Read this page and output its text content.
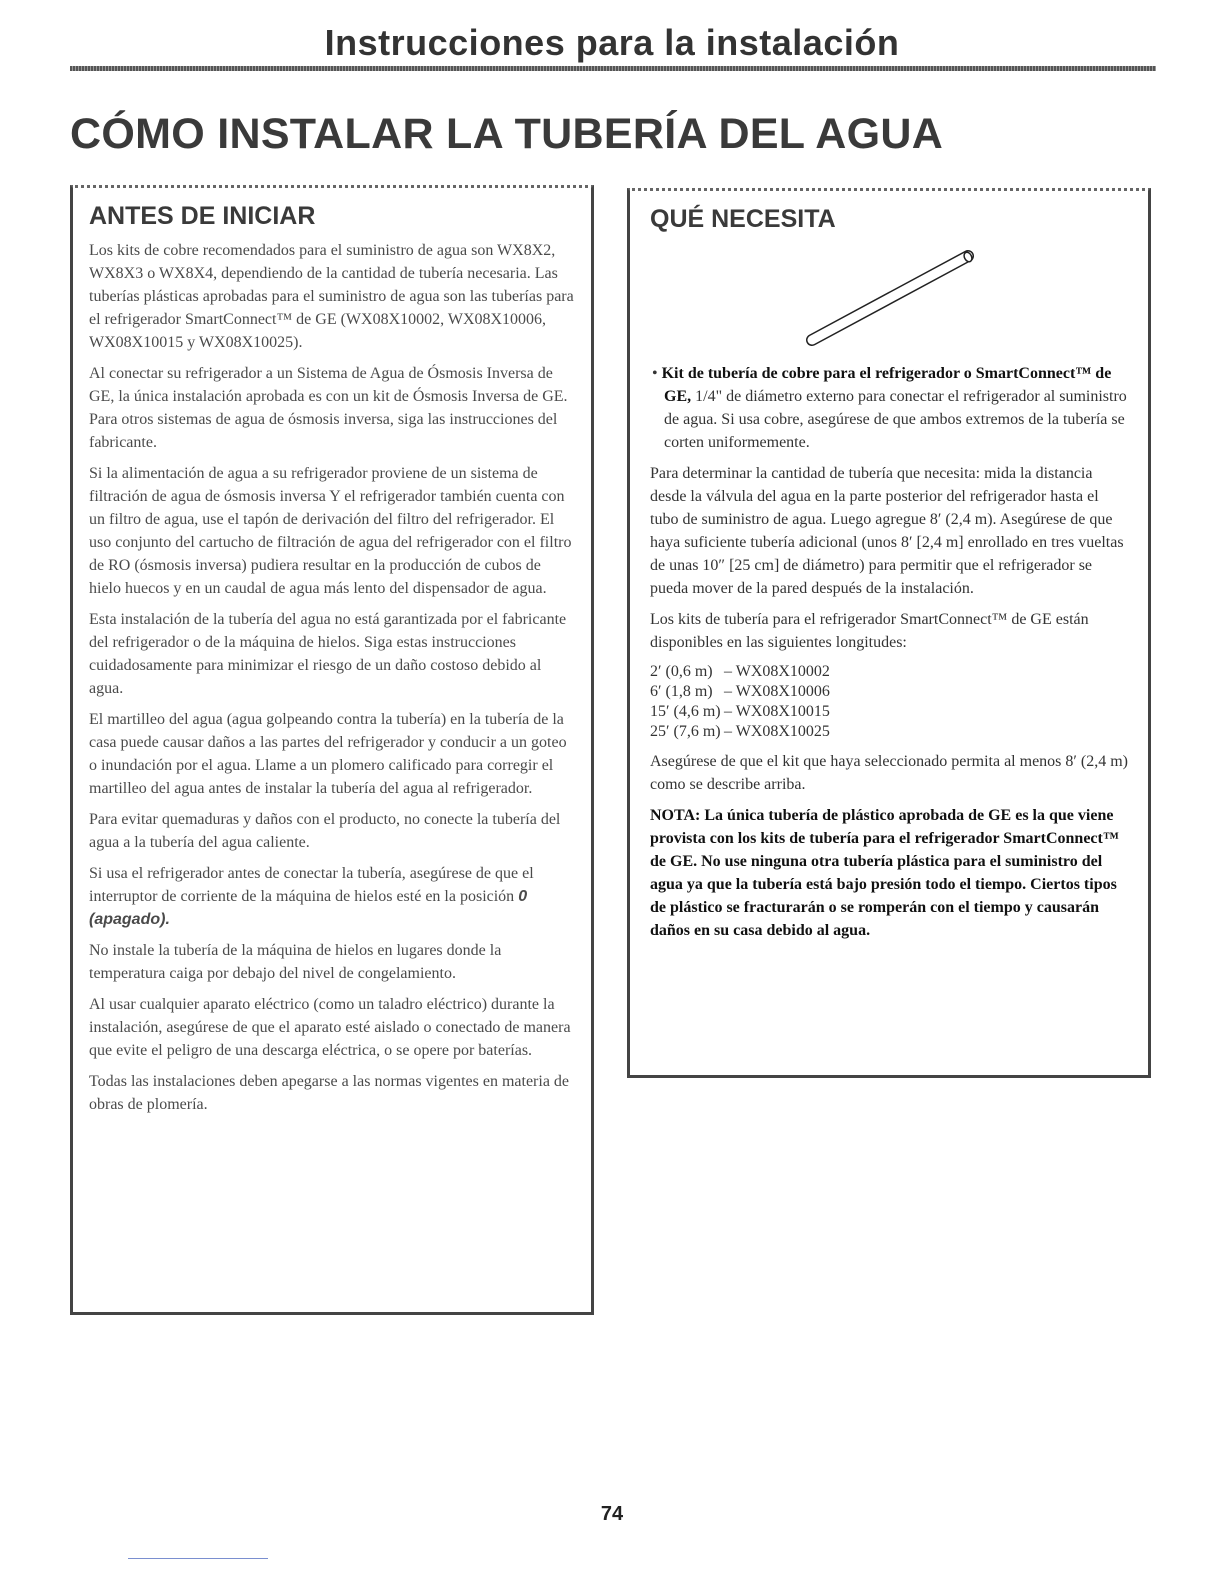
Instrucciones para la instalación
CÓMO INSTALAR LA TUBERÍA DEL AGUA
ANTES DE INICIAR

Los kits de cobre recomendados para el suministro de agua son WX8X2, WX8X3 o WX8X4, dependiendo de la cantidad de tubería necesaria. Las tuberías plásticas aprobadas para el suministro de agua son las tuberías para el refrigerador SmartConnect™ de GE (WX08X10002, WX08X10006, WX08X10015 y WX08X10025).

Al conectar su refrigerador a un Sistema de Agua de Ósmosis Inversa de GE, la única instalación aprobada es con un kit de Ósmosis Inversa de GE. Para otros sistemas de agua de ósmosis inversa, siga las instrucciones del fabricante.

Si la alimentación de agua a su refrigerador proviene de un sistema de filtración de agua de ósmosis inversa Y el refrigerador también cuenta con un filtro de agua, use el tapón de derivación del filtro del refrigerador. El uso conjunto del cartucho de filtración de agua del refrigerador con el filtro de RO (ósmosis inversa) pudiera resultar en la producción de cubos de hielo huecos y en un caudal de agua más lento del dispensador de agua.

Esta instalación de la tubería del agua no está garantizada por el fabricante del refrigerador o de la máquina de hielos. Siga estas instrucciones cuidadosamente para minimizar el riesgo de un daño costoso debido al agua.

El martilleo del agua (agua golpeando contra la tubería) en la tubería de la casa puede causar daños a las partes del refrigerador y conducir a un goteo o inundación por el agua. Llame a un plomero calificado para corregir el martilleo del agua antes de instalar la tubería del agua al refrigerador.

Para evitar quemaduras y daños con el producto, no conecte la tubería del agua a la tubería del agua caliente.

Si usa el refrigerador antes de conectar la tubería, asegúrese de que el interruptor de corriente de la máquina de hielos esté en la posición 0 (apagado).

No instale la tubería de la máquina de hielos en lugares donde la temperatura caiga por debajo del nivel de congelamiento.

Al usar cualquier aparato eléctrico (como un taladro eléctrico) durante la instalación, asegúrese de que el aparato esté aislado o conectado de manera que evite el peligro de una descarga eléctrica, o se opere por baterías.

Todas las instalaciones deben apegarse a las normas vigentes en materia de obras de plomería.

QUÉ NECESITA

• Kit de tubería de cobre para el refrigerador o SmartConnect™ de GE, 1/4" de diámetro externo para conectar el refrigerador al suministro de agua. Si usa cobre, asegúrese de que ambos extremos de la tubería se corten uniformemente.

Para determinar la cantidad de tubería que necesita: mida la distancia desde la válvula del agua en la parte posterior del refrigerador hasta el tubo de suministro de agua. Luego agregue 8′ (2,4 m). Asegúrese de que haya suficiente tubería adicional (unos 8′ [2,4 m] enrollado en tres vueltas de unas 10″ [25 cm] de diámetro) para permitir que el refrigerador se pueda mover de la pared después de la instalación.

Los kits de tubería para el refrigerador SmartConnect™ de GE están disponibles en las siguientes longitudes:

2′ (0,6 m) – WX08X10002
6′ (1,8 m) – WX08X10006
15′ (4,6 m) – WX08X10015
25′ (7,6 m) – WX08X10025

Asegúrese de que el kit que haya seleccionado permita al menos 8′ (2,4 m) como se describe arriba.

NOTA: La única tubería de plástico aprobada de GE es la que viene provista con los kits de tubería para el refrigerador SmartConnect™ de GE. No use ninguna otra tubería plástica para el suministro del agua ya que la tubería está bajo presión todo el tiempo. Ciertos tipos de plástico se fracturarán o se romperán con el tiempo y causarán daños en su casa debido al agua.

74
